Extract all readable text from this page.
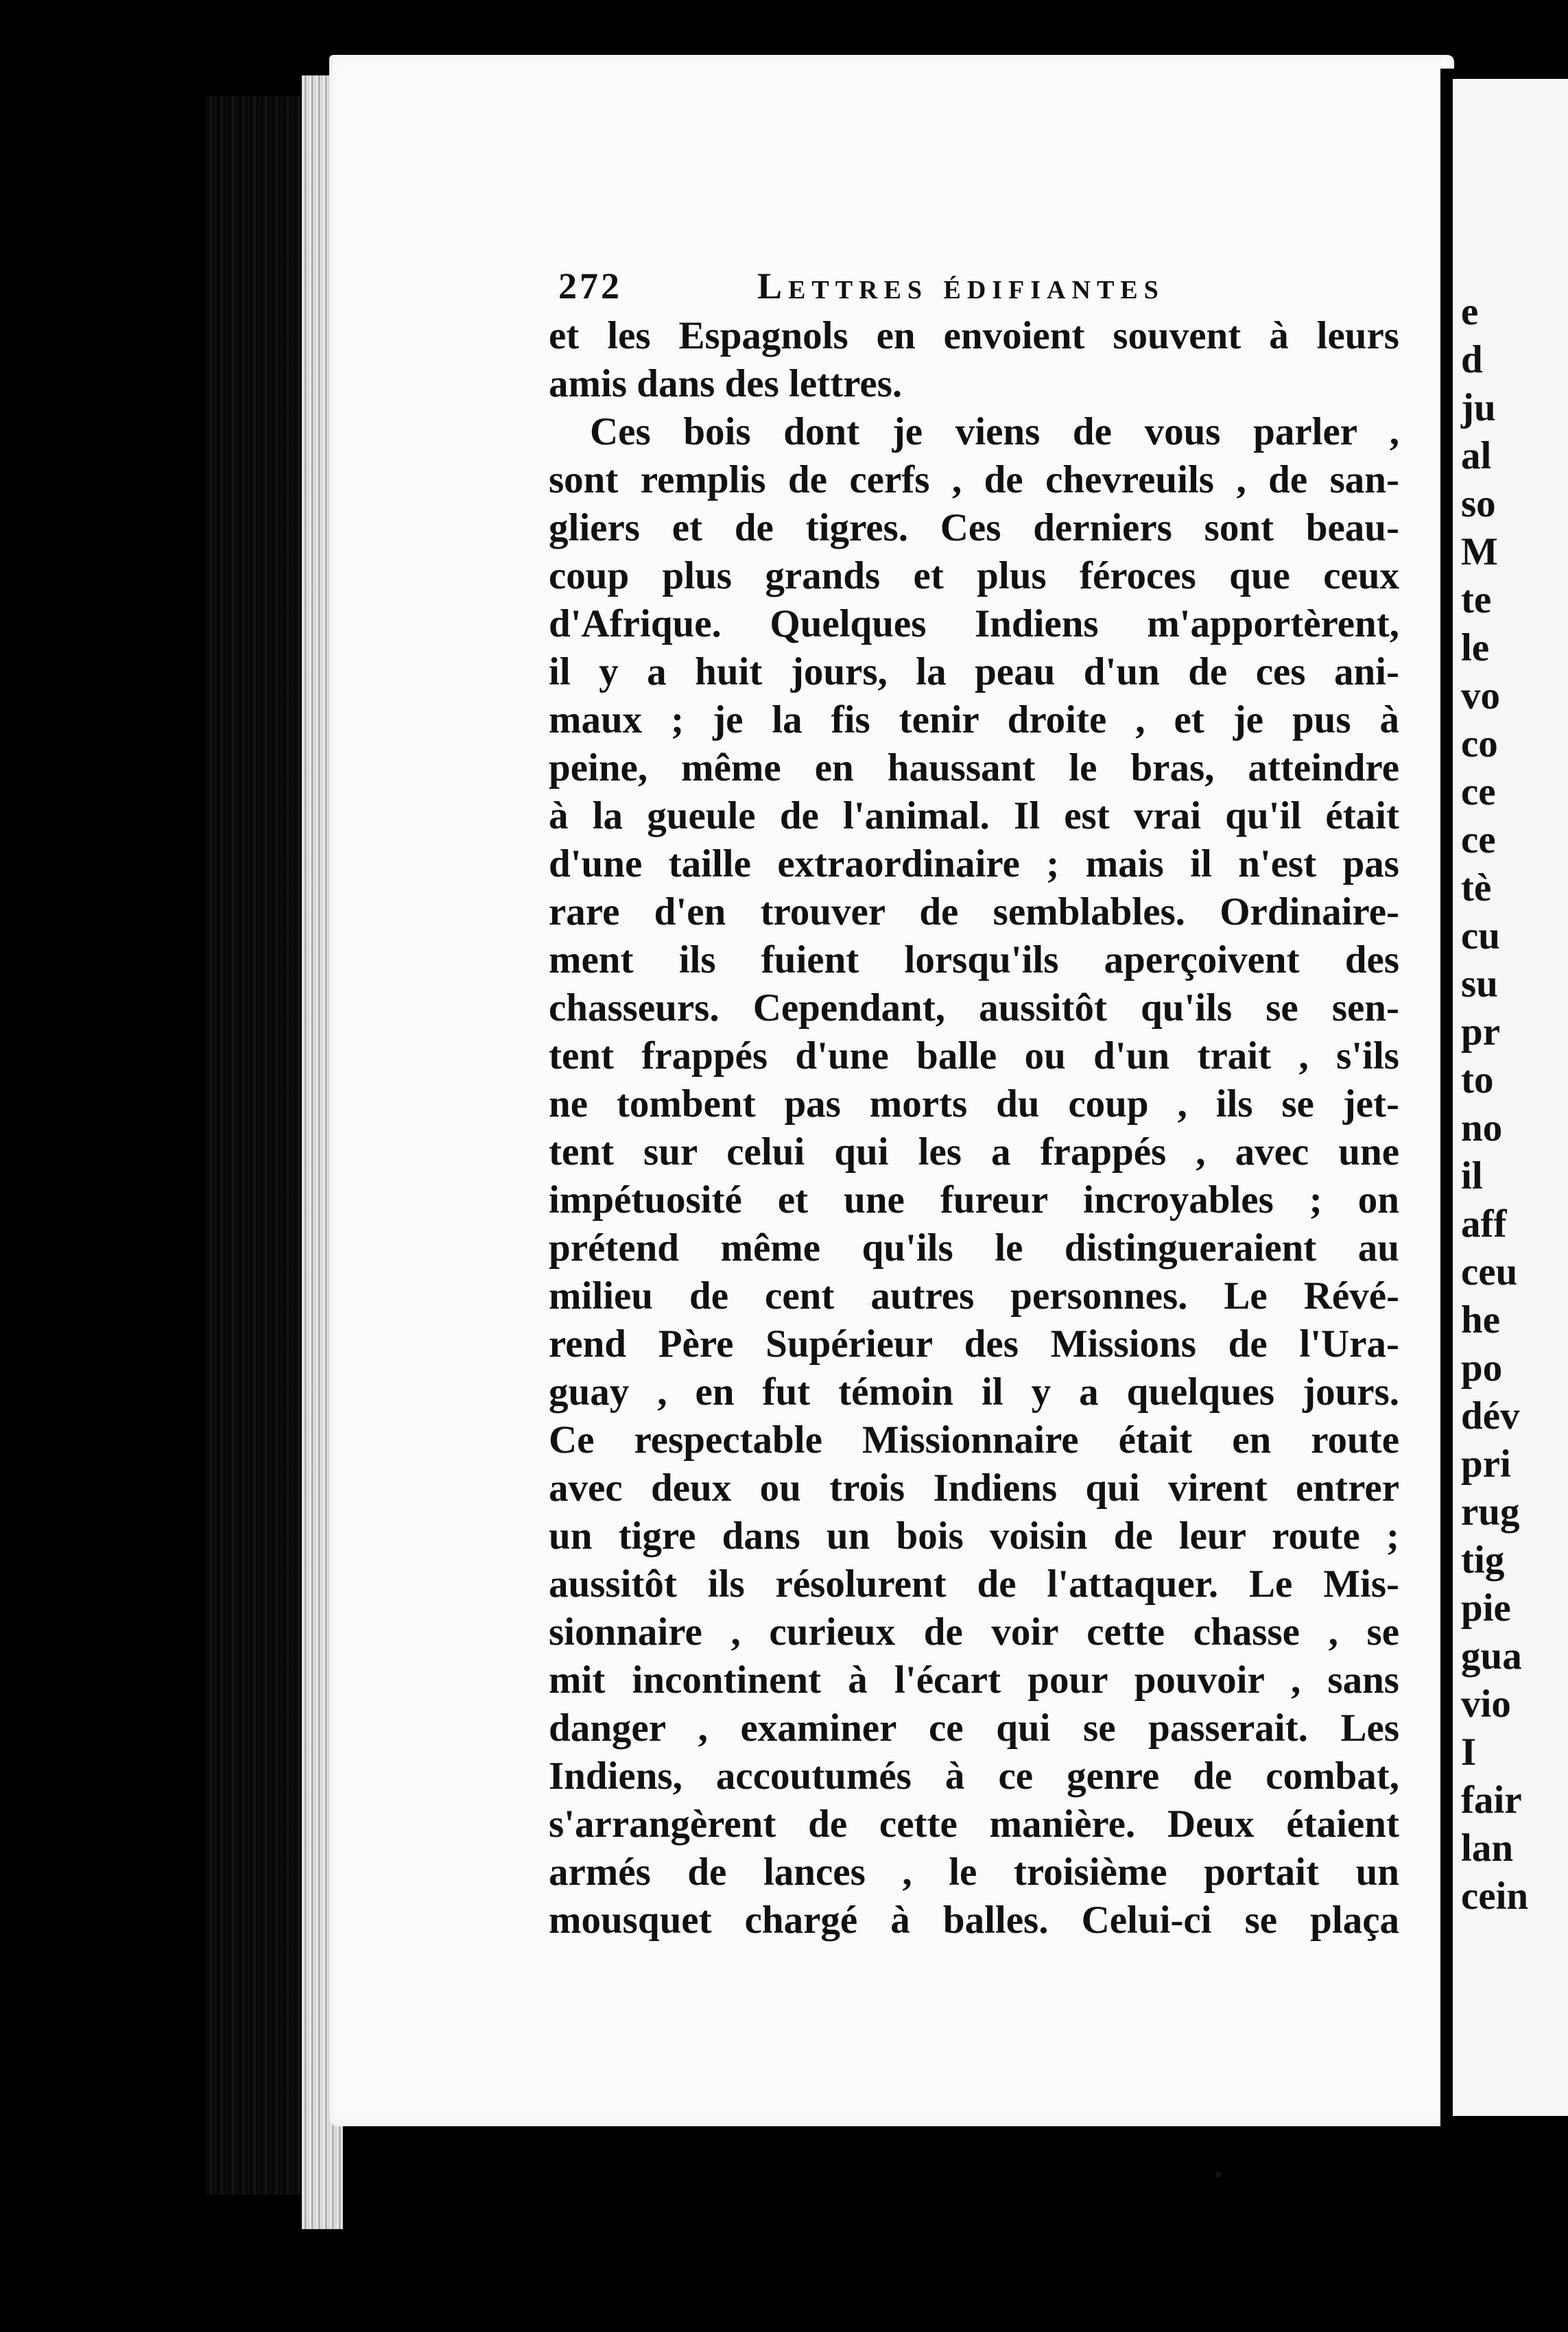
272	Lettres édifiantes
et les Espagnols en envoient souvent à leurs
amis dans des lettres.
Ces bois dont je viens de vous parler ,
sont remplis de cerfs , de chevreuils , de san-
gliers et de tigres. Ces derniers sont beau-
coup plus grands et plus féroces que ceux
d'Afrique. Quelques Indiens m'apportèrent,
il y a huit jours, la peau d'un de ces ani-
maux ; je la fis tenir droite , et je pus à
peine, même en haussant le bras, atteindre
à la gueule de l'animal. Il est vrai qu'il était
d'une taille extraordinaire ; mais il n'est pas
rare d'en trouver de semblables. Ordinaire-
ment ils fuient lorsqu'ils aperçoivent des
chasseurs. Cependant, aussitôt qu'ils se sen-
tent frappés d'une balle ou d'un trait , s'ils
ne tombent pas morts du coup , ils se jet-
tent sur celui qui les a frappés , avec une
impétuosité et une fureur incroyables ; on
prétend même qu'ils le distingueraient au
milieu de cent autres personnes. Le Révé-
rend Père Supérieur des Missions de l'Ura-
guay , en fut témoin il y a quelques jours.
Ce respectable Missionnaire était en route
avec deux ou trois Indiens qui virent entrer
un tigre dans un bois voisin de leur route ;
aussitôt ils résolurent de l'attaquer. Le Mis-
sionnaire , curieux de voir cette chasse , se
mit incontinent à l'écart pour pouvoir , sans
danger , examiner ce qui se passerait. Les
Indiens, accoutumés à ce genre de combat,
s'arrangèrent de cette manière. Deux étaient
armés de lances , le troisième portait un
mousquet chargé à balles. Celui-ci se plaça
e
d
ju
al
so
M
te
le
vo
co
ce
ce
tè
cu
su
pr
to
no
il
aff
ceu
he
po
dév
pri
rug
tig
pie
gua
vio
I
fair
lan
cein
